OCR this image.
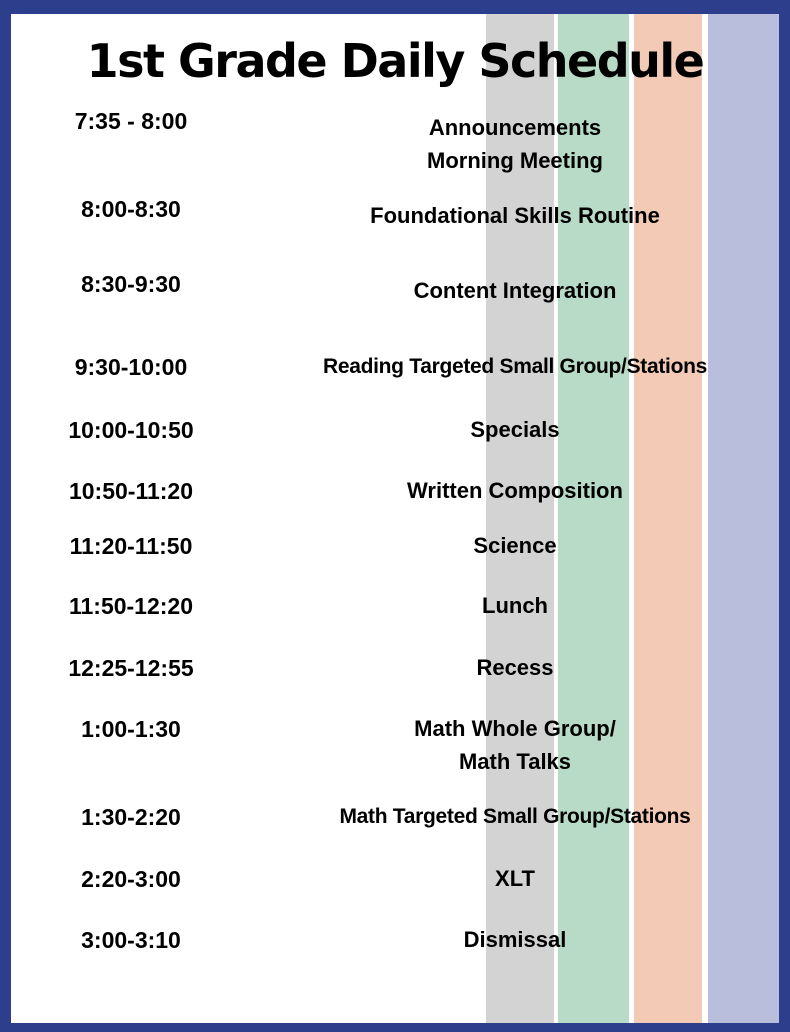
1st Grade Daily Schedule
7:35 - 8:00	Announcements
Morning Meeting
8:00-8:30	Foundational Skills Routine
8:30-9:30	Content Integration
9:30-10:00	Reading Targeted Small Group/Stations
10:00-10:50	Specials
10:50-11:20	Written Composition
11:20-11:50	Science
11:50-12:20	Lunch
12:25-12:55	Recess
1:00-1:30	Math Whole Group/
Math Talks
1:30-2:20	Math Targeted Small Group/Stations
2:20-3:00	XLT
3:00-3:10	Dismissal
